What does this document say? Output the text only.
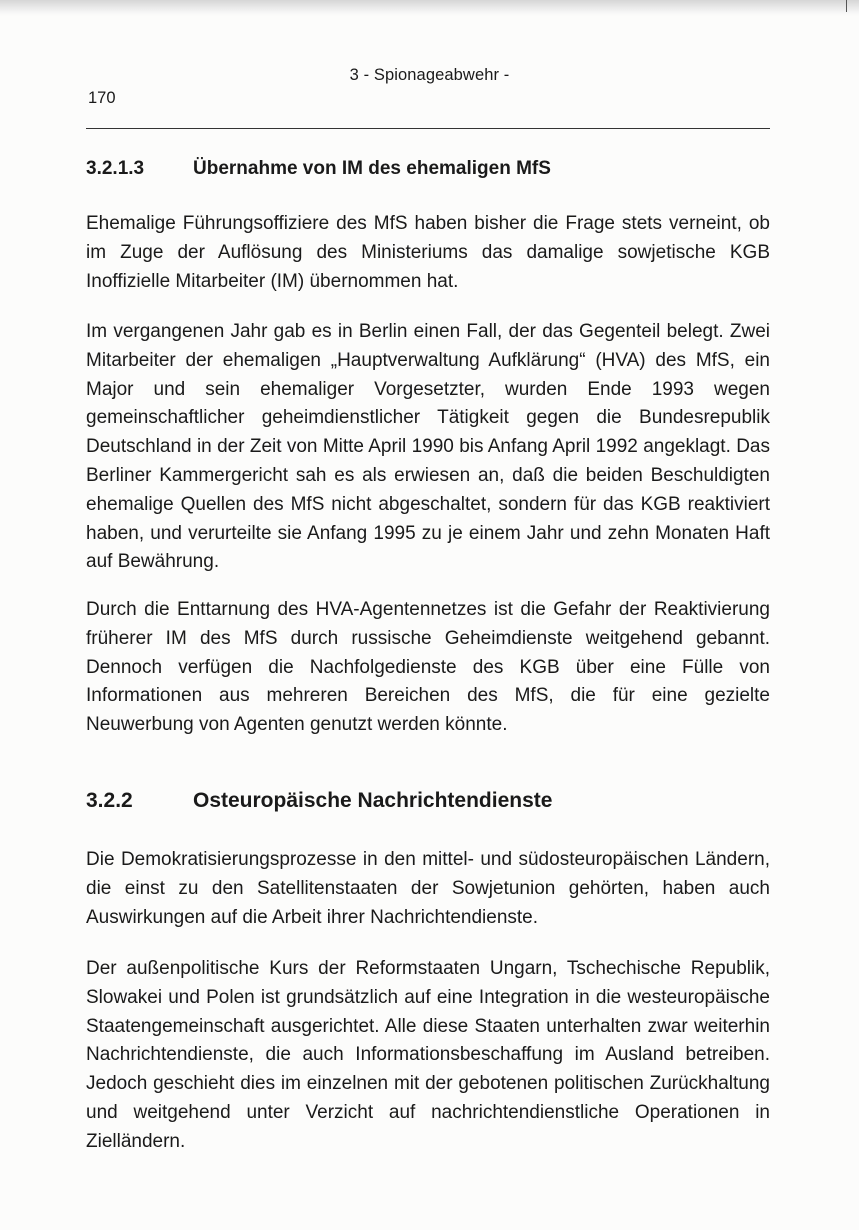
3 - Spionageabwehr -
170
3.2.1.3	Übernahme von IM des ehemaligen MfS

Ehemalige Führungsoffiziere des MfS haben bisher die Frage stets verneint, ob im Zuge der Auflösung des Ministeriums das damalige sowjetische KGB Inoffizielle Mitarbeiter (IM) übernommen hat.

Im vergangenen Jahr gab es in Berlin einen Fall, der das Gegenteil belegt. Zwei Mitarbeiter der ehemaligen „Hauptverwaltung Aufklärung“ (HVA) des MfS, ein Major und sein ehemaliger Vorgesetzter, wurden Ende 1993 wegen gemeinschaftlicher geheimdienstlicher Tätigkeit gegen die Bundesrepublik Deutschland in der Zeit von Mitte April 1990 bis Anfang April 1992 angeklagt. Das Berliner Kammergericht sah es als erwiesen an, daß die beiden Beschuldigten ehemalige Quellen des MfS nicht abgeschaltet, sondern für das KGB reaktiviert haben, und verurteilte sie Anfang 1995 zu je einem Jahr und zehn Monaten Haft auf Bewährung.

Durch die Enttarnung des HVA-Agentennetzes ist die Gefahr der Reaktivierung früherer IM des MfS durch russische Geheimdienste weitgehend gebannt. Dennoch verfügen die Nachfolgedienste des KGB über eine Fülle von Informationen aus mehreren Bereichen des MfS, die für eine gezielte Neuwerbung von Agenten genutzt werden könnte.

3.2.2	Osteuropäische Nachrichtendienste

Die Demokratisierungsprozesse in den mittel- und südosteuropäischen Ländern, die einst zu den Satellitenstaaten der Sowjetunion gehörten, haben auch Auswirkungen auf die Arbeit ihrer Nachrichtendienste.

Der außenpolitische Kurs der Reformstaaten Ungarn, Tschechische Republik, Slowakei und Polen ist grundsätzlich auf eine Integration in die westeuropäische Staatengemeinschaft ausgerichtet. Alle diese Staaten unterhalten zwar weiterhin Nachrichtendienste, die auch Informationsbeschaffung im Ausland betreiben. Jedoch geschieht dies im einzelnen mit der gebotenen politischen Zurückhaltung und weitgehend unter Verzicht auf nachrichtendienstliche Operationen in Zielländern.
